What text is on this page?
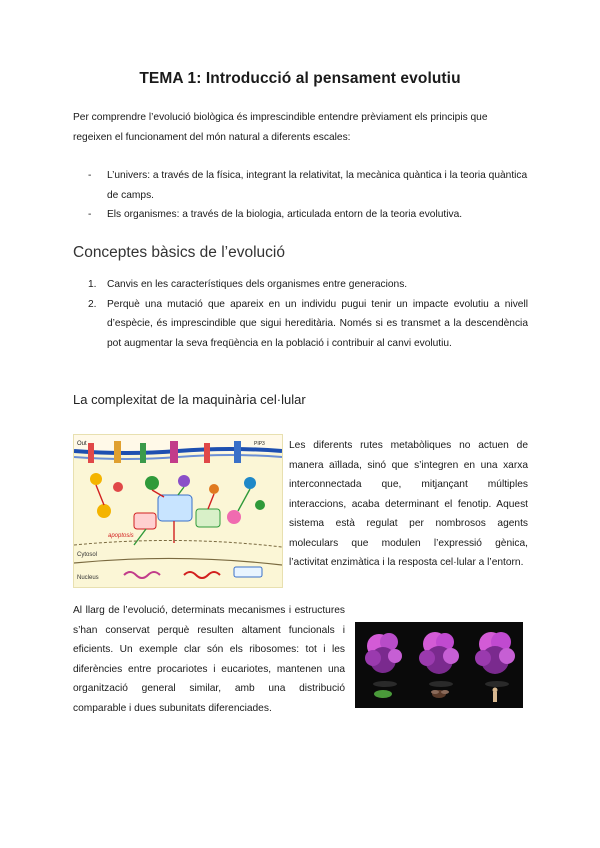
TEMA 1: Introducció al pensament evolutiu

Per comprendre l’evolució biològica és imprescindible entendre prèviament els principis que regeixen el funcionament del món natural a diferents escales:

- L’univers: a través de la física, integrant la relativitat, la mecànica quàntica i la teoria quàntica de camps.
- Els organismes: a través de la biologia, articulada entorn de la teoria evolutiva.
Conceptes bàsics de l’evolució
1. Canvis en les característiques dels organismes entre generacions.
2. Perquè una mutació que apareix en un individu pugui tenir un impacte evolutiu a nivell d’espècie, és imprescindible que sigui hereditària. Només si es transmet a la descendència pot augmentar la seva freqüència en la població i contribuir al canvi evolutiu.
La complexitat de la maquinària cel·lular
Out	PIP3
apoptosis
Cytosol
Nucleus

Les diferents rutes metabòliques no actuen de manera aïllada, sinó que s’integren en una xarxa interconnectada que, mitjançant múltiples interaccions, acaba determinant el fenotip. Aquest sistema està regulat per nombrosos agents moleculars que modulen l’expressió gènica, l’activitat enzimàtica i la resposta cel·lular a l’entorn.

Al llarg de l’evolució, determinats mecanismes i estructures s’han conservat perquè resulten altament funcionals i eficients. Un exemple clar són els ribosomes: tot i les diferències entre procariotes i eucariotes, mantenen una organització general similar, amb una distribució comparable i dues subunitats diferenciades.
